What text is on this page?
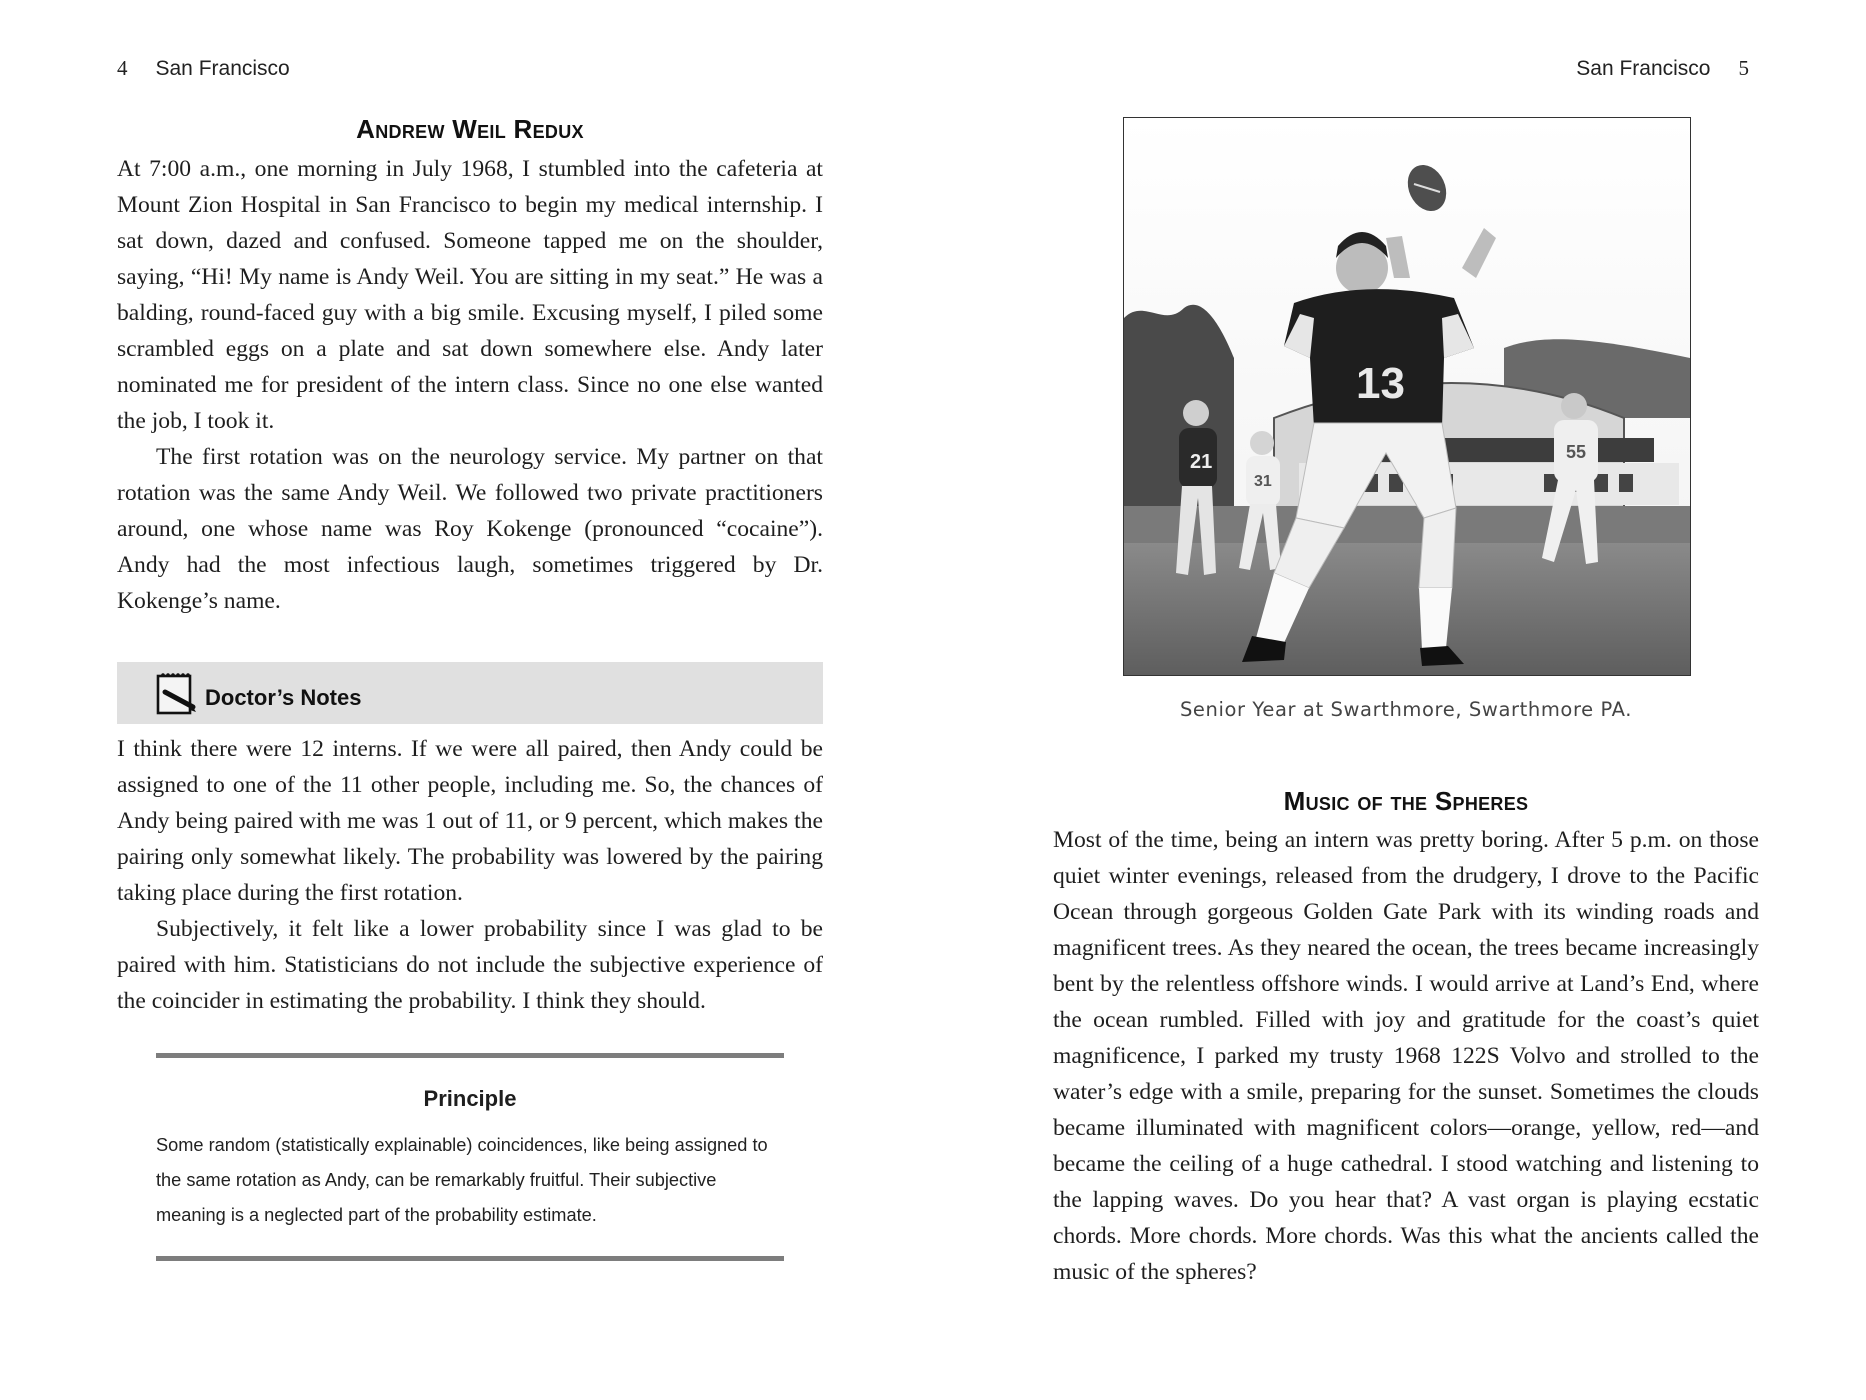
4 San Francisco
Andrew Weil Redux

At 7:00 a.m., one morning in July 1968, I stumbled into the cafeteria at Mount Zion Hospital in San Francisco to begin my medical internship. I sat down, dazed and confused. Someone tapped me on the shoulder, saying, “Hi! My name is Andy Weil. You are sitting in my seat.” He was a balding, round-faced guy with a big smile. Excusing myself, I piled some scrambled eggs on a plate and sat down somewhere else. Andy later nominated me for president of the intern class. Since no one else wanted the job, I took it.

The first rotation was on the neurology service. My partner on that rotation was the same Andy Weil. We followed two private practitioners around, one whose name was Roy Kokenge (pronounced “cocaine”). Andy had the most infectious laugh, sometimes triggered by Dr. Kokenge’s name.

Doctor’s Notes

I think there were 12 interns. If we were all paired, then Andy could be assigned to one of the 11 other people, including me. So, the chances of Andy being paired with me was 1 out of 11, or 9 percent, which makes the pairing only somewhat likely. The probability was lowered by the pairing taking place during the first rotation.

Subjectively, it felt like a lower probability since I was glad to be paired with him. Statisticians do not include the subjective experience of the coincider in estimating the probability. I think they should.

Principle

Some random (statistically explainable) coincidences, like being assigned to the same rotation as Andy, can be remarkably fruitful. Their subjective meaning is a neglected part of the probability estimate.

San Francisco 5
21
31
55
13
Senior Year at Swarthmore, Swarthmore PA.
Music of the Spheres

Most of the time, being an intern was pretty boring. After 5 p.m. on those quiet winter evenings, released from the drudgery, I drove to the Pacific Ocean through gorgeous Golden Gate Park with its winding roads and magnificent trees. As they neared the ocean, the trees became increasingly bent by the relentless offshore winds. I would arrive at Land’s End, where the ocean rumbled. Filled with joy and gratitude for the coast’s quiet magnificence, I parked my trusty 1968 122S Volvo and strolled to the water’s edge with a smile, preparing for the sunset. Sometimes the clouds became illuminated with magnificent colors—orange, yellow, red—and became the ceiling of a huge cathedral. I stood watching and listening to the lapping waves. Do you hear that? A vast organ is playing ecstatic chords. More chords. More chords. Was this what the ancients called the music of the spheres?
